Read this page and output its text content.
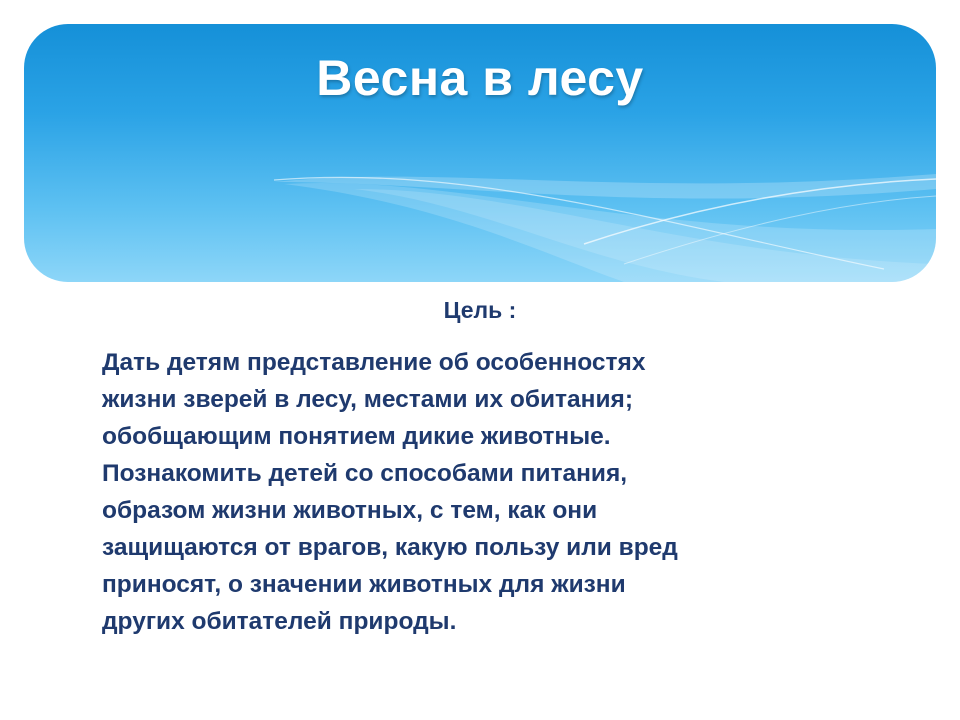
Весна в лесу
Цель :
Дать детям представление об особенностях
жизни зверей в лесу, местами их обитания;
обобщающим понятием дикие животные.
Познакомить детей со способами питания,
образом жизни животных, с тем, как они
защищаются от врагов, какую пользу или вред
приносят, о значении животных для жизни
других обитателей природы.
